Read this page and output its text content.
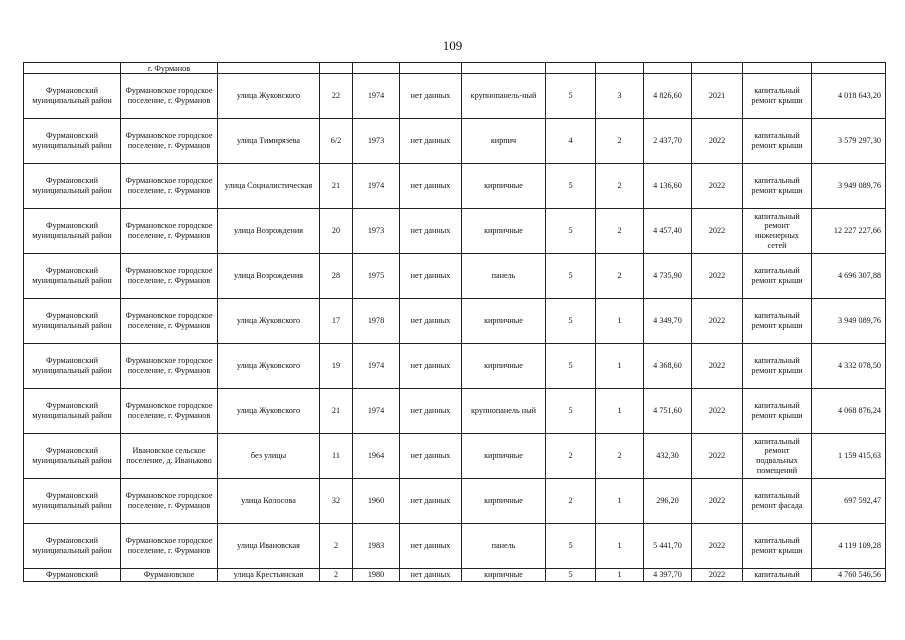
109
	г. Фурманов											
Фурмановский муниципальный район	Фурмановское городское поселение, г. Фурманов	улица Жуковского	22	1974	нет данных	крупнопанель-ный	5	3	4 826,60	2021	капитальный ремонт крыши	4 018 643,20
Фурмановский муниципальный район	Фурмановское городское поселение, г. Фурманов	улица Тимирязева	6/2	1973	нет данных	кирпич	4	2	2 437,70	2022	капитальный ремонт крыши	3 579 297,30
Фурмановский муниципальный район	Фурмановское городское поселение, г. Фурманов	улица Социалистическая	21	1974	нет данных	кирпичные	5	2	4 136,60	2022	капитальный ремонт крыши	3 949 089,76
Фурмановский муниципальный район	Фурмановское городское поселение, г. Фурманов	улица Возрождения	20	1973	нет данных	кирпичные	5	2	4 457,40	2022	капитальный ремонт инженерных сетей	12 227 227,66
Фурмановский муниципальный район	Фурмановское городское поселение, г. Фурманов	улица Возрождения	28	1975	нет данных	панель	5	2	4 735,90	2022	капитальный ремонт крыши	4 696 307,88
Фурмановский муниципальный район	Фурмановское городское поселение, г. Фурманов	улица Жуковского	17	1978	нет данных	кирпичные	5	1	4 349,70	2022	капитальный ремонт крыши	3 949 089,76
Фурмановский муниципальный район	Фурмановское городское поселение, г. Фурманов	улица Жуковского	19	1974	нет данных	кирпичные	5	1	4 368,60	2022	капитальный ремонт крыши	4 332 078,50
Фурмановский муниципальный район	Фурмановское городское поселение, г. Фурманов	улица Жуковского	21	1974	нет данных	крупнопанель ный	5	1	4 751,60	2022	капитальный ремонт крыши	4 068 876,24
Фурмановский муниципальный район	Ивановское сельское поселение, д. Иваньково	без улицы	11	1964	нет данных	кирпичные	2	2	432,30	2022	капитальный ремонт подвальных помещений	1 159 415,63
Фурмановский муниципальный район	Фурмановское городское поселение, г. Фурманов	улица Колосова	32	1960	нет данных	кирпичные	2	1	296,20	2022	капитальный ремонт фасада	697 592,47
Фурмановский муниципальный район	Фурмановское городское поселение, г. Фурманов	улица Ивановская	2	1983	нет данных	панель	5	1	5 441,70	2022	капитальный ремонт крыши	4 119 109,28
Фурмановский	Фурмановское	улица Крестьянская	2	1980	нет данных	кирпичные	5	1	4 397,70	2022	капитальный	4 760 546,56
